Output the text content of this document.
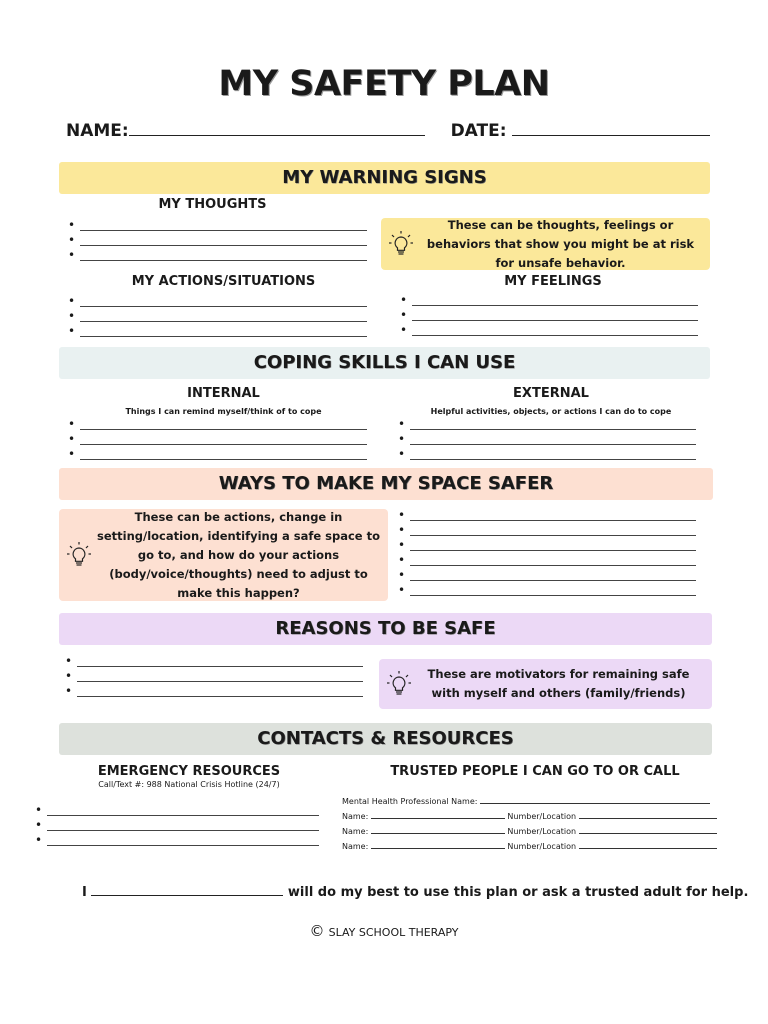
MY SAFETY PLAN
NAME:	DATE:
MY WARNING SIGNS
MY THOUGHTS
•
•
•
These can be thoughts, feelings or behaviors that show you might be at risk for unsafe behavior.
MY ACTIONS/SITUATIONS
•
•
•	MY FEELINGS
•
•
•
COPING SKILLS I CAN USE
INTERNAL
Things I can remind myself/think of to cope
•
•
•
EXTERNAL
Helpful activities, objects, or actions I can do to cope
•
•
•
WAYS TO MAKE MY SPACE SAFER
These can be actions, change in setting/location, identifying a safe space to go to, and how do your actions (body/voice/thoughts) need to adjust to make this happen?
•
•
•
•
•
•
REASONS TO BE SAFE
•
•
•
These are motivators for remaining safe with myself and others (family/friends)
CONTACTS & RESOURCES
EMERGENCY RESOURCES
Call/Text #: 988 National Crisis Hotline (24/7)
•
•
•
TRUSTED PEOPLE I CAN GO TO OR CALL
Mental Health Professional Name:
Name:	Number/Location
Name:	Number/Location
Name:	Number/Location
I	will do my best to use this plan or ask a trusted adult for help.
© SLAY SCHOOL THERAPY
